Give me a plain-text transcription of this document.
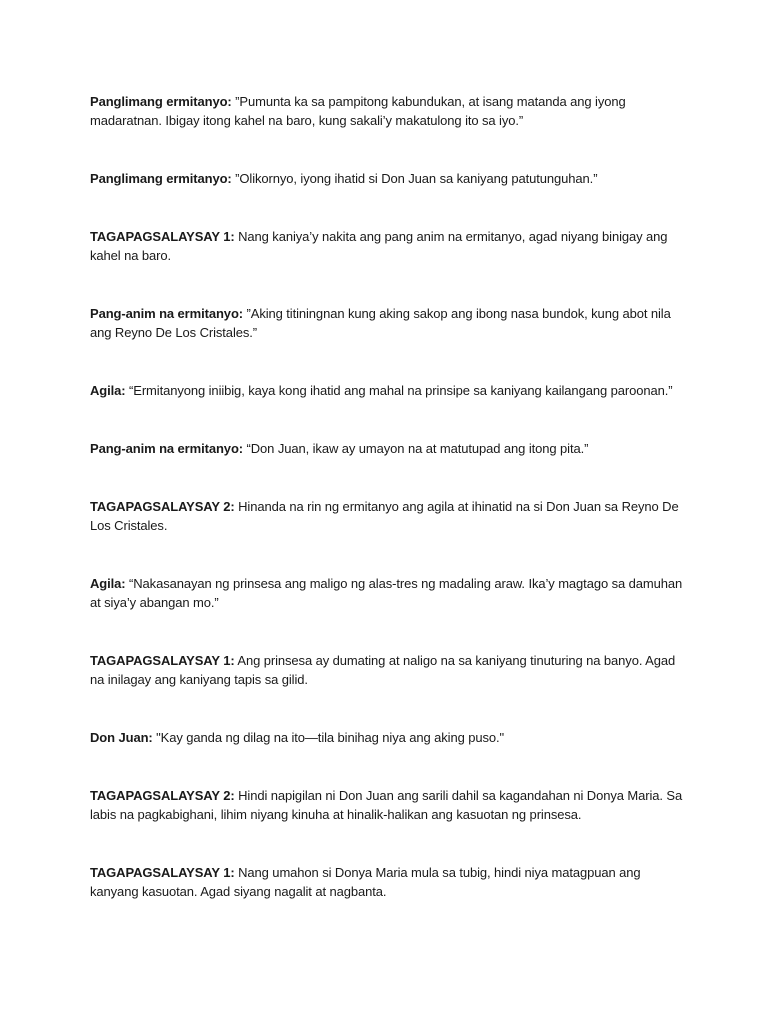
Panglimang ermitanyo: ”Pumunta ka sa pampitong kabundukan, at isang matanda ang iyong madaratnan. Ibigay itong kahel na baro, kung sakali’y makatulong ito sa iyo.”

Panglimang ermitanyo: ”Olikornyo, iyong ihatid si Don Juan sa kaniyang patutunguhan.”

TAGAPAGSALAYSAY 1: Nang kaniya’y nakita ang pang anim na ermitanyo, agad niyang binigay ang kahel na baro.

Pang-anim na ermitanyo: ”Aking titiningnan kung aking sakop ang ibong nasa bundok, kung abot nila ang Reyno De Los Cristales.”

Agila: “Ermitanyong iniibig, kaya kong ihatid ang mahal na prinsipe sa kaniyang kailangang paroonan.”

Pang-anim na ermitanyo: “Don Juan, ikaw ay umayon na at matutupad ang itong pita.”

TAGAPAGSALAYSAY 2: Hinanda na rin ng ermitanyo ang agila at ihinatid na si Don Juan sa Reyno De Los Cristales.

Agila: “Nakasanayan ng prinsesa ang maligo ng alas-tres ng madaling araw. Ika’y magtago sa damuhan at siya’y abangan mo.”

TAGAPAGSALAYSAY 1: Ang prinsesa ay dumating at naligo na sa kaniyang tinuturing na banyo. Agad na inilagay ang kaniyang tapis sa gilid.

Don Juan: "Kay ganda ng dilag na ito—tila binihag niya ang aking puso."

TAGAPAGSALAYSAY 2: Hindi napigilan ni Don Juan ang sarili dahil sa kagandahan ni Donya Maria. Sa labis na pagkabighani, lihim niyang kinuha at hinalik-halikan ang kasuotan ng prinsesa.

TAGAPAGSALAYSAY 1: Nang umahon si Donya Maria mula sa tubig, hindi niya matagpuan ang kanyang kasuotan. Agad siyang nagalit at nagbanta.
